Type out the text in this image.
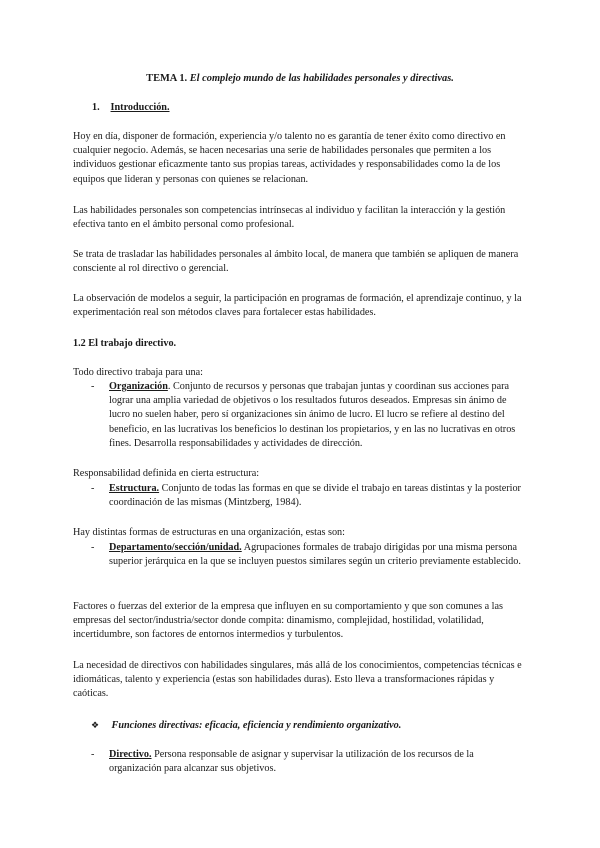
TEMA 1. El complejo mundo de las habilidades personales y directivas.
1. Introducción.

Hoy en día, disponer de formación, experiencia y/o talento no es garantía de tener éxito como directivo en cualquier negocio. Además, se hacen necesarias una serie de habilidades personales que permiten a los individuos gestionar eficazmente tanto sus propias tareas, actividades y responsabilidades como la de los equipos que lideran y personas con quienes se relacionan.

Las habilidades personales son competencias intrínsecas al individuo y facilitan la interacción y la gestión efectiva tanto en el ámbito personal como profesional.

Se trata de trasladar las habilidades personales al ámbito local, de manera que también se apliquen de manera consciente al rol directivo o gerencial.

La observación de modelos a seguir, la participación en programas de formación, el aprendizaje continuo, y la experimentación real son métodos claves para fortalecer estas habilidades.

1.2 El trabajo directivo.

Todo directivo trabaja para una:

-	Organización. Conjunto de recursos y personas que trabajan juntas y coordinan sus acciones para lograr una amplia variedad de objetivos o los resultados futuros deseados. Empresas sin ánimo de lucro no suelen haber, pero sí organizaciones sin ánimo de lucro. El lucro se refiere al destino del beneficio, en las lucrativas los beneficios lo destinan los propietarios, y en las no lucrativas en otros fines. Desarrolla responsabilidades y actividades de dirección.

Responsabilidad definida en cierta estructura:

-	Estructura. Conjunto de todas las formas en que se divide el trabajo en tareas distintas y la posterior coordinación de las mismas (Mintzberg, 1984).

Hay distintas formas de estructuras en una organización, estas son:

-	Departamento/sección/unidad. Agrupaciones formales de trabajo dirigidas por una misma persona superior jerárquica en la que se incluyen puestos similares según un criterio previamente establecido.

Factores o fuerzas del exterior de la empresa que influyen en su comportamiento y que son comunes a las empresas del sector/industria/sector donde compita: dinamismo, complejidad, hostilidad, volatilidad, incertidumbre, son factores de entornos intermedios y turbulentos.

La necesidad de directivos con habilidades singulares, más allá de los conocimientos, competencias técnicas e idiomáticas, talento y experiencia (estas son habilidades duras). Esto lleva a transformaciones rápidas y caóticas.

❖ Funciones directivas: eficacia, eficiencia y rendimiento organizativo.
-	Directivo. Persona responsable de asignar y supervisar la utilización de los recursos de la organización para alcanzar sus objetivos.
